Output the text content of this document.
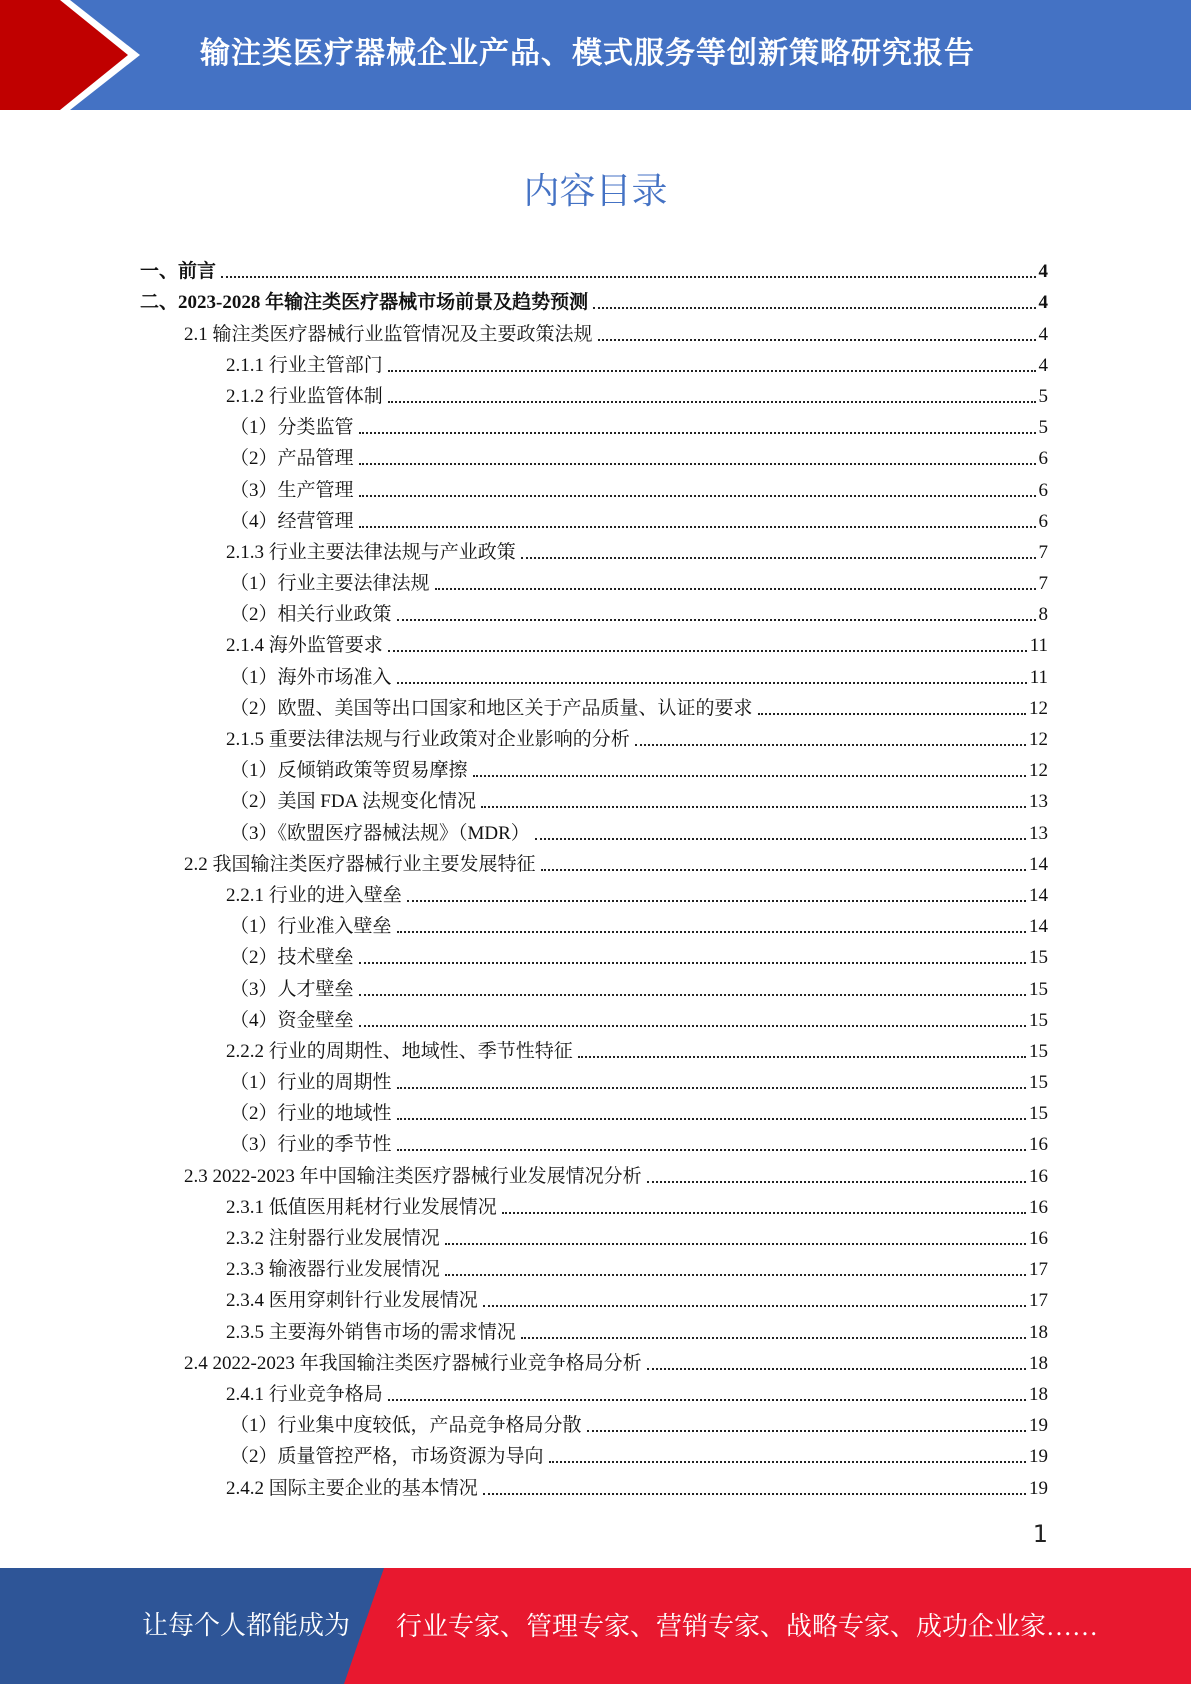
输注类医疗器械企业产品、模式服务等创新策略研究报告
内容目录
一、前言	4
二、2023-2028 年输注类医疗器械市场前景及趋势预测	4
2.1 输注类医疗器械行业监管情况及主要政策法规	4
2.1.1 行业主管部门	4
2.1.2 行业监管体制	5
（1）分类监管	5
（2）产品管理	6
（3）生产管理	6
（4）经营管理	6
2.1.3 行业主要法律法规与产业政策	7
（1）行业主要法律法规	7
（2）相关行业政策	8
2.1.4 海外监管要求	11
（1）海外市场准入	11
（2）欧盟、美国等出口国家和地区关于产品质量、认证的要求	12
2.1.5 重要法律法规与行业政策对企业影响的分析	12
（1）反倾销政策等贸易摩擦	12
（2）美国 FDA 法规变化情况	13
（3）《欧盟医疗器械法规》（MDR）	13
2.2 我国输注类医疗器械行业主要发展特征	14
2.2.1 行业的进入壁垒	14
（1）行业准入壁垒	14
（2）技术壁垒	15
（3）人才壁垒	15
（4）资金壁垒	15
2.2.2 行业的周期性、地域性、季节性特征	15
（1）行业的周期性	15
（2）行业的地域性	15
（3）行业的季节性	16
2.3 2022-2023 年中国输注类医疗器械行业发展情况分析	16
2.3.1 低值医用耗材行业发展情况	16
2.3.2 注射器行业发展情况	16
2.3.3 输液器行业发展情况	17
2.3.4 医用穿刺针行业发展情况	17
2.3.5 主要海外销售市场的需求情况	18
2.4 2022-2023 年我国输注类医疗器械行业竞争格局分析	18
2.4.1 行业竞争格局	18
（1）行业集中度较低，产品竞争格局分散	19
（2）质量管控严格，市场资源为导向	19
2.4.2 国际主要企业的基本情况	19
1
让每个人都能成为 行业专家、管理专家、营销专家、战略专家、成功企业家……
